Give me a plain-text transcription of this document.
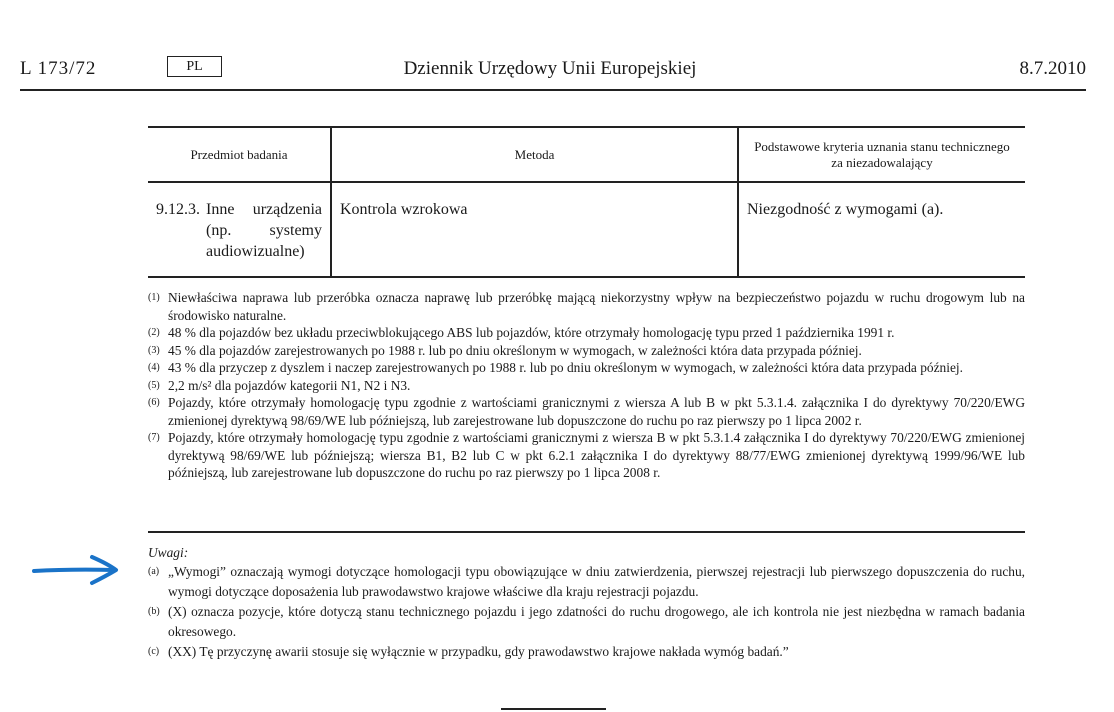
L 173/72	PL	Dziennik Urzędowy Unii Europejskiej	8.7.2010
Przedmiot badania	Metoda	Podstawowe kryteria uznania stanu technicznego za niezadowalający

9.12.3. Inne urządzenia (np. systemy audiowizualne)	Kontrola wzrokowa	Niezgodność z wymogami (a).
(1) Niewłaściwa naprawa lub przeróbka oznacza naprawę lub przeróbkę mającą niekorzystny wpływ na bezpieczeństwo pojazdu w ruchu drogowym lub na środowisko naturalne.
(2) 48 % dla pojazdów bez układu przeciwblokującego ABS lub pojazdów, które otrzymały homologację typu przed 1 października 1991 r.
(3) 45 % dla pojazdów zarejestrowanych po 1988 r. lub po dniu określonym w wymogach, w zależności która data przypada później.
(4) 43 % dla przyczep z dyszlem i naczep zarejestrowanych po 1988 r. lub po dniu określonym w wymogach, w zależności która data przypada później.
(5) 2,2 m/s² dla pojazdów kategorii N1, N2 i N3.
(6) Pojazdy, które otrzymały homologację typu zgodnie z wartościami granicznymi z wiersza A lub B w pkt 5.3.1.4. załącznika I do dyrektywy 70/220/EWG zmienionej dyrektywą 98/69/WE lub późniejszą, lub zarejestrowane lub dopuszczone do ruchu po raz pierwszy po 1 lipca 2002 r.
(7) Pojazdy, które otrzymały homologację typu zgodnie z wartościami granicznymi z wiersza B w pkt 5.3.1.4 załącznika I do dyrektywy 70/220/EWG zmienionej dyrektywą 98/69/WE lub późniejszą; wiersza B1, B2 lub C w pkt 6.2.1 załącznika I do dyrektywy 88/77/EWG zmienionej dyrektywą 1999/96/WE lub późniejszą, lub zarejestrowane lub dopuszczone do ruchu po raz pierwszy po 1 lipca 2008 r.
Uwagi:
(a) „Wymogi” oznaczają wymogi dotyczące homologacji typu obowiązujące w dniu zatwierdzenia, pierwszej rejestracji lub pierwszego dopuszczenia do ruchu, wymogi dotyczące doposażenia lub prawodawstwo krajowe właściwe dla kraju rejestracji pojazdu.
(b) (X) oznacza pozycje, które dotyczą stanu technicznego pojazdu i jego zdatności do ruchu drogowego, ale ich kontrola nie jest niezbędna w ramach badania okresowego.
(c) (XX) Tę przyczynę awarii stosuje się wyłącznie w przypadku, gdy prawodawstwo krajowe nakłada wymóg badań.”
